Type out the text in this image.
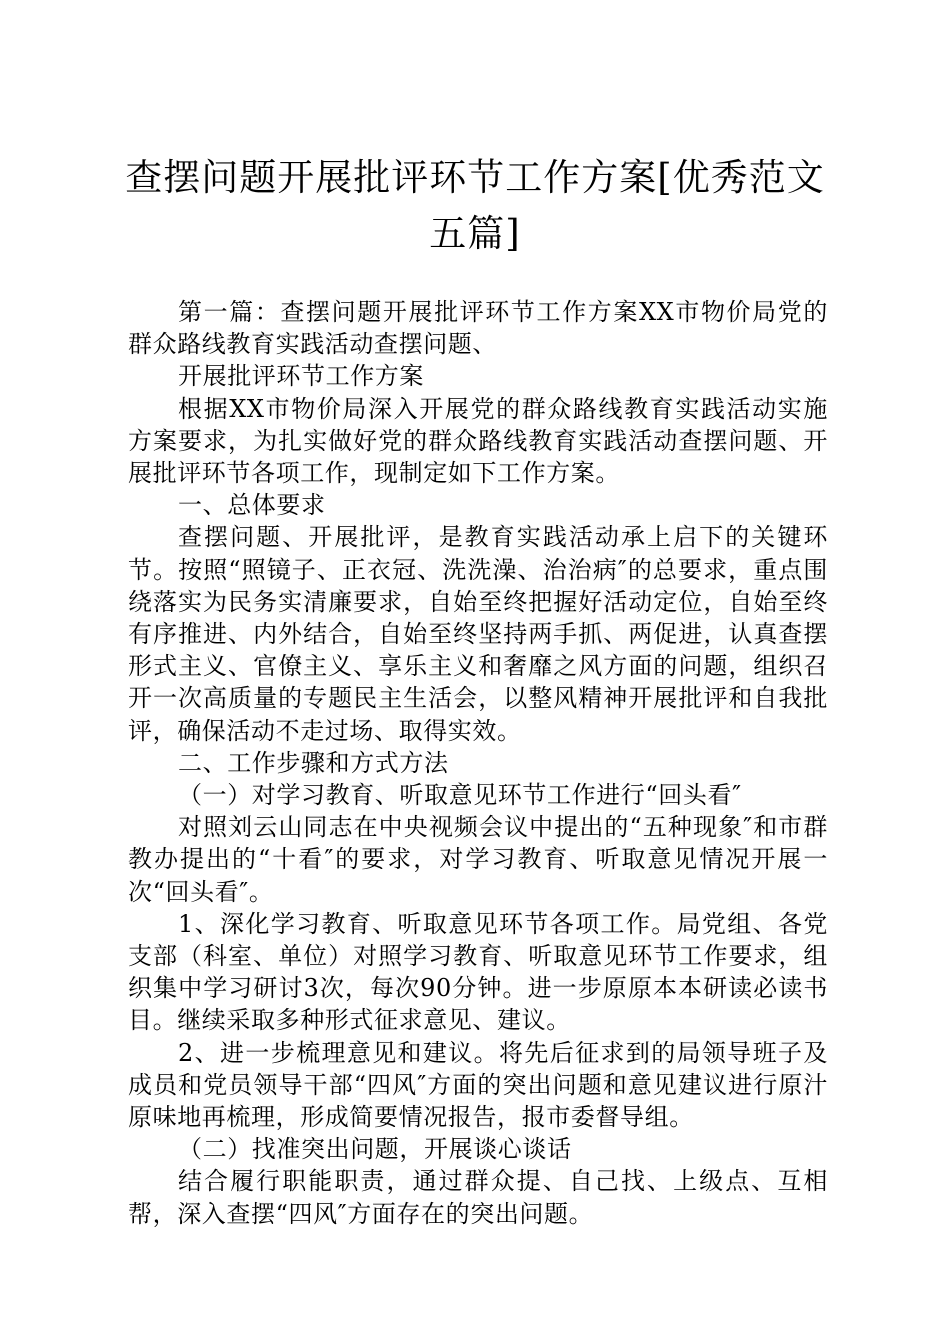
查摆问题开展批评环节工作方案[优秀范文五篇]

第一篇：查摆问题开展批评环节工作方案XX市物价局党的群众路线教育实践活动查摆问题、

开展批评环节工作方案

根据XX市物价局深入开展党的群众路线教育实践活动实施方案要求，为扎实做好党的群众路线教育实践活动查摆问题、开展批评环节各项工作，现制定如下工作方案。

一、总体要求

查摆问题、开展批评，是教育实践活动承上启下的关键环节。按照“照镜子、正衣冠、洗洗澡、治治病″的总要求，重点围绕落实为民务实清廉要求，自始至终把握好活动定位，自始至终有序推进、内外结合，自始至终坚持两手抓、两促进，认真查摆形式主义、官僚主义、享乐主义和奢靡之风方面的问题，组织召开一次高质量的专题民主生活会，以整风精神开展批评和自我批评，确保活动不走过场、取得实效。

二、工作步骤和方式方法

（一）对学习教育、听取意见环节工作进行“回头看″

对照刘云山同志在中央视频会议中提出的“五种现象″和市群教办提出的“十看″的要求，对学习教育、听取意见情况开展一次“回头看″。

1、深化学习教育、听取意见环节各项工作。局党组、各党支部（科室、单位）对照学习教育、听取意见环节工作要求，组织集中学习研讨3次，每次90分钟。进一步原原本本研读必读书目。继续采取多种形式征求意见、建议。

2、进一步梳理意见和建议。将先后征求到的局领导班子及成员和党员领导干部“四风″方面的突出问题和意见建议进行原汁原味地再梳理，形成简要情况报告，报市委督导组。

（二）找准突出问题，开展谈心谈话

结合履行职能职责，通过群众提、自己找、上级点、互相帮，深入查摆“四风″方面存在的突出问题。
